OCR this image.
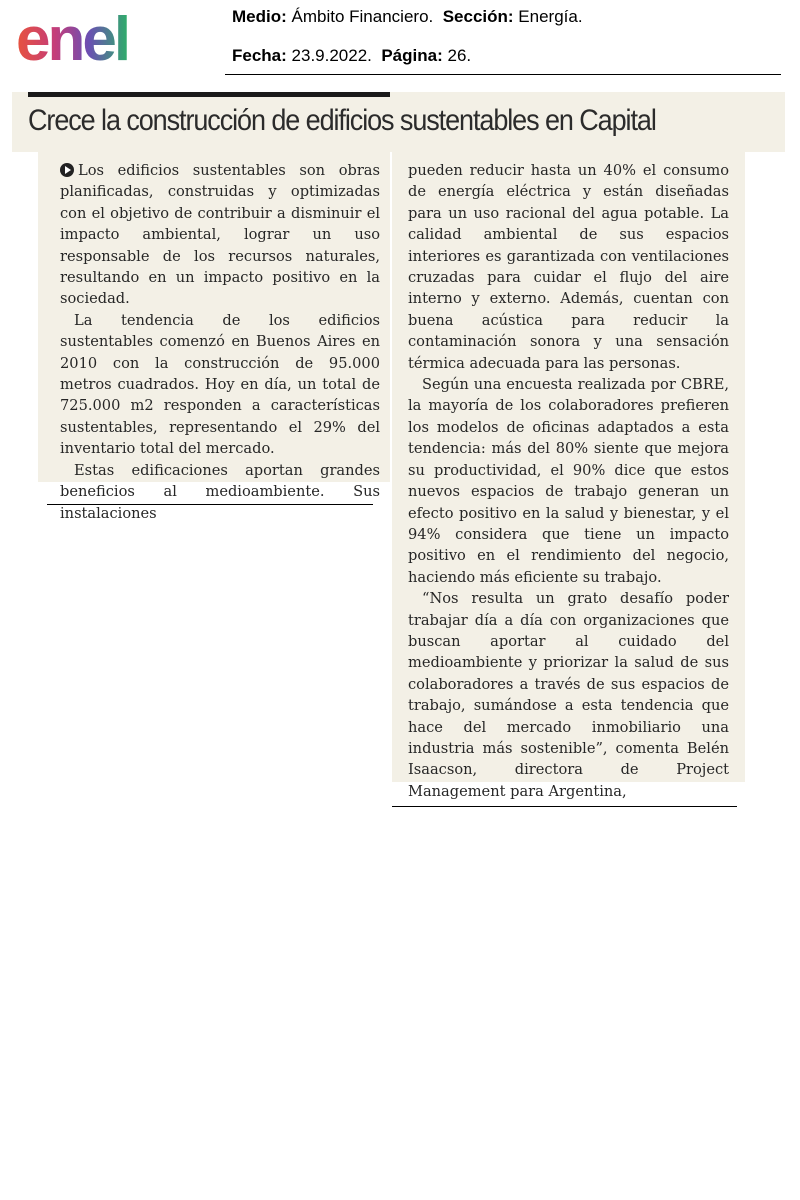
enel	Medio: Ámbito Financiero. Sección: Energía.
Fecha: 23.9.2022. Página: 26.
Crece la construcción de edificios sustentables en Capital

Los edificios sustentables son obras planificadas, construidas y optimizadas con el objetivo de contribuir a disminuir el impacto ambiental, lograr un uso responsable de los recursos naturales, resultando en un impacto positivo en la sociedad.

La tendencia de los edificios sustentables comenzó en Buenos Aires en 2010 con la construcción de 95.000 metros cuadrados. Hoy en día, un total de 725.000 m2 responden a características sustentables, representando el 29% del inventario total del mercado.

Estas edificaciones aportan grandes beneficios al medioambiente. Sus instalaciones

pueden reducir hasta un 40% el consumo de energía eléctrica y están diseñadas para un uso racional del agua potable. La calidad ambiental de sus espacios interiores es garantizada con ventilaciones cruzadas para cuidar el flujo del aire interno y externo. Además, cuentan con buena acústica para reducir la contaminación sonora y una sensación térmica adecuada para las personas.

Según una encuesta realizada por CBRE, la mayoría de los colaboradores prefieren los modelos de oficinas adaptados a esta tendencia: más del 80% siente que mejora su productividad, el 90% dice que estos nuevos espacios de trabajo generan un efecto positivo en la salud y bienestar, y el 94% considera que tiene un impacto positivo en el rendimiento del negocio, haciendo más eficiente su trabajo.

“Nos resulta un grato desafío poder trabajar día a día con organizaciones que buscan aportar al cuidado del medioambiente y priorizar la salud de sus colaboradores a través de sus espacios de trabajo, sumándose a esta tendencia que hace del mercado inmobiliario una industria más sostenible”, comenta Belén Isaacson, directora de Project Management para Argentina,
